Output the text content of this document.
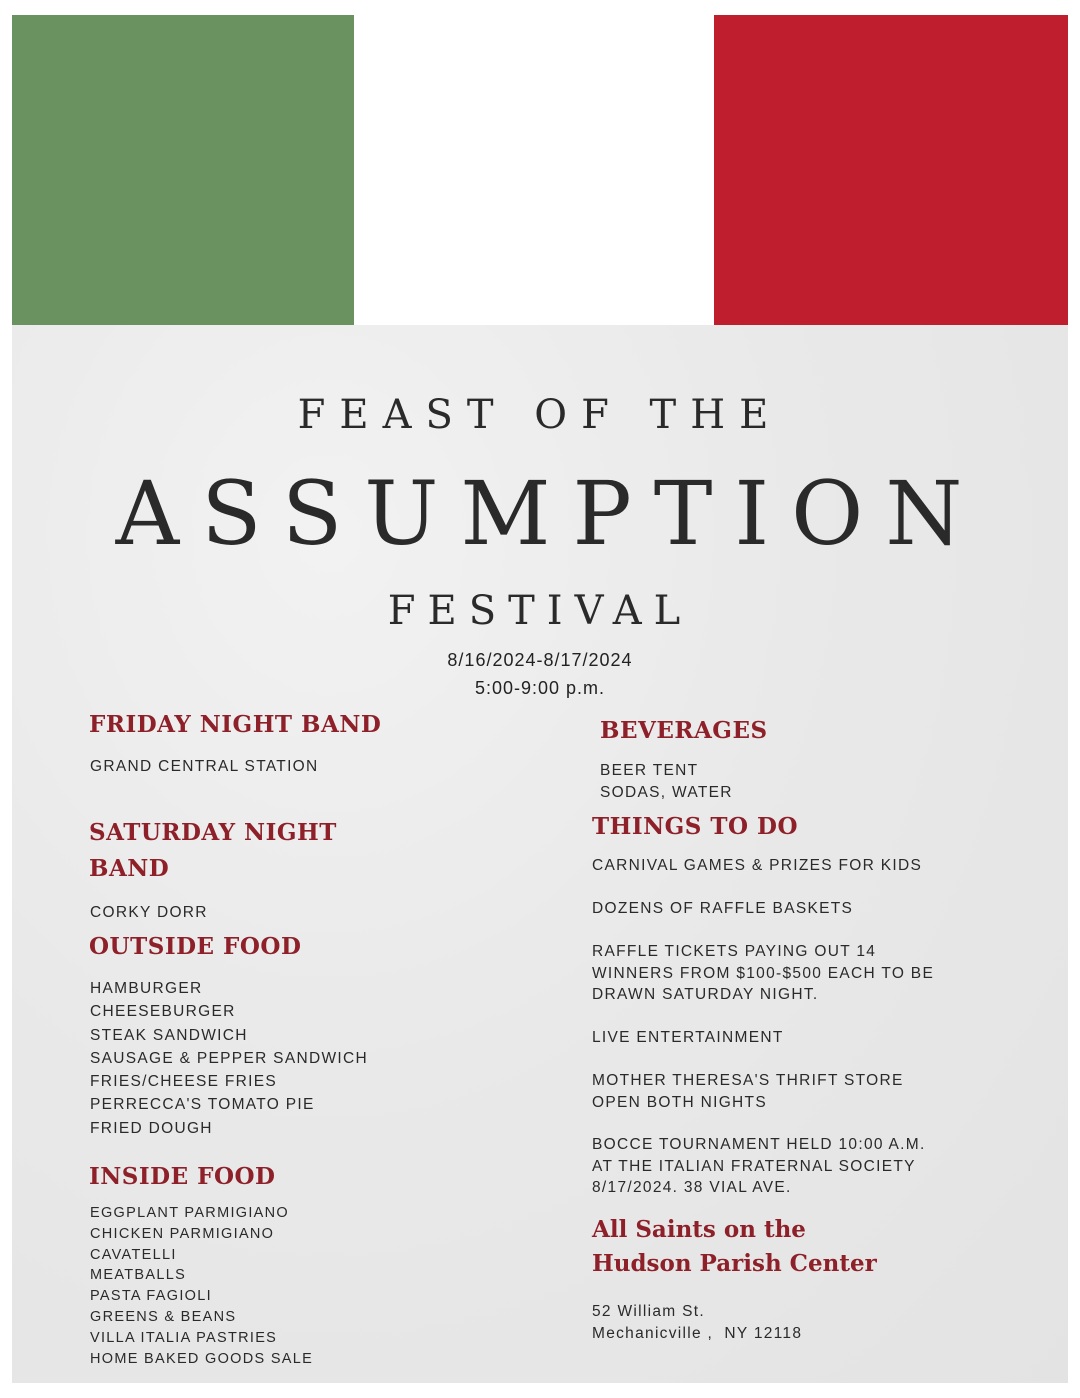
FEAST OF THE
ASSUMPTION
FESTIVAL
8/16/2024-8/17/2024
5:00-9:00 p.m.
FRIDAY NIGHT BAND
GRAND CENTRAL STATION
SATURDAY NIGHT
BAND
CORKY DORR
OUTSIDE FOOD
HAMBURGER
CHEESEBURGER
STEAK SANDWICH
SAUSAGE & PEPPER SANDWICH
FRIES/CHEESE FRIES
PERRECCA'S TOMATO PIE
FRIED DOUGH
INSIDE FOOD
EGGPLANT PARMIGIANO
CHICKEN PARMIGIANO
CAVATELLI
MEATBALLS
PASTA FAGIOLI
GREENS & BEANS
VILLA ITALIA PASTRIES
HOME BAKED GOODS SALE
BEVERAGES
BEER TENT
SODAS, WATER
THINGS TO DO
CARNIVAL GAMES & PRIZES FOR KIDS
DOZENS OF RAFFLE BASKETS
RAFFLE TICKETS PAYING OUT 14
WINNERS FROM $100-$500 EACH TO BE
DRAWN SATURDAY NIGHT.
LIVE ENTERTAINMENT
MOTHER THERESA'S THRIFT STORE
OPEN BOTH NIGHTS
BOCCE TOURNAMENT HELD 10:00 A.M.
AT THE ITALIAN FRATERNAL SOCIETY
8/17/2024. 38 VIAL AVE.
All Saints on the
Hudson Parish Center
52 William St.
Mechanicville ,  NY 12118
